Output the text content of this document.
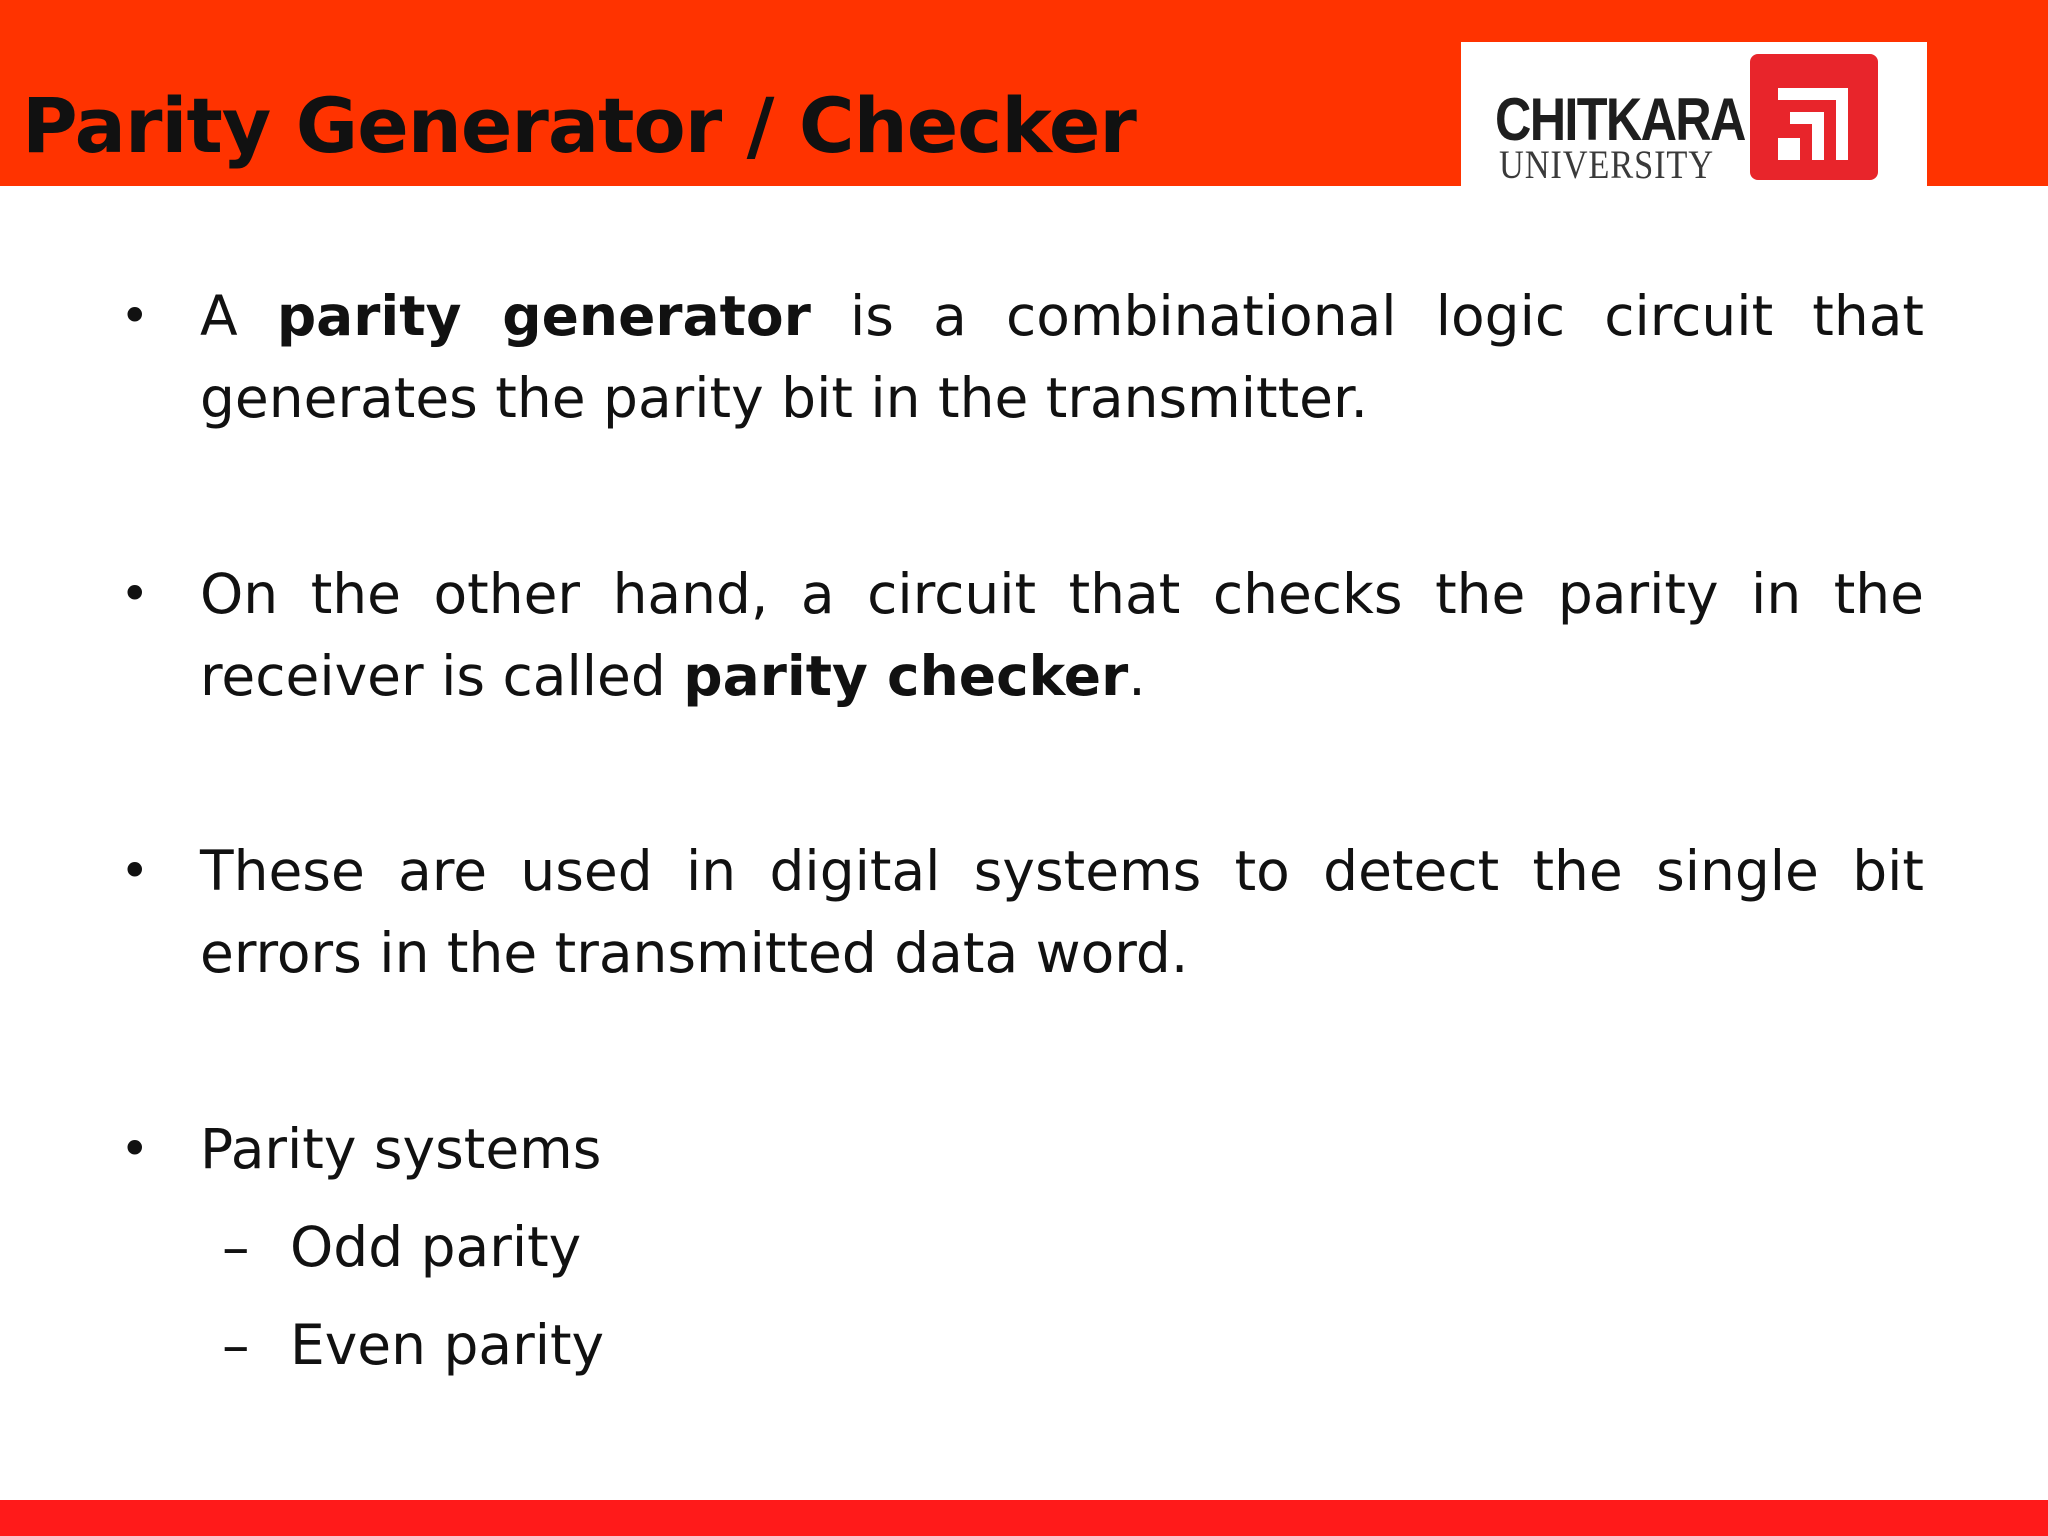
Parity Generator / Checker	CHITKARA
UNIVERSITY
• A parity generator is a combinational logic circuit that generates the parity bit in the transmitter.
• On the other hand, a circuit that checks the parity in the receiver is called parity checker.
• These are used in digital systems to detect the single bit errors in the transmitted data word.
• Parity systems
– Odd parity
– Even parity
